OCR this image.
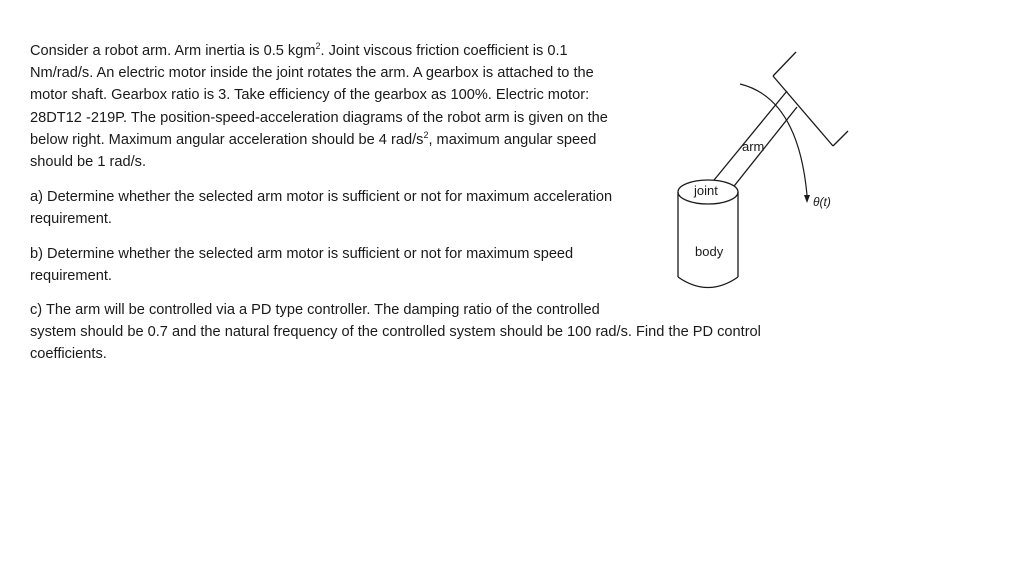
Consider a robot arm. Arm inertia is 0.5 kgm$^2$. Joint viscous friction coefficient is 0.1
Nm/rad/s. An electric motor inside the joint rotates the arm. A gearbox is attached to the
motor shaft. Gearbox ratio is 3. Take efficiency of the gearbox as 100%. Electric motor:
28DT12 -219P. The position-speed-acceleration diagrams of the robot arm is given on the
below right. Maximum angular acceleration should be 4 rad/$s^2$, maximum angular speed
should be 1 rad/s.
a) Determine whether the selected arm motor is sufficient or not for maximum acceleration
requirement.
b) Determine whether the selected arm motor is sufficient or not for maximum speed
requirement.
c) The arm will be controlled via a PD type controller. The damping ratio of the controlled
system should be 0.7 and the natural frequency of the controlled system should be 100 rad/s. Find the PD control
coefficients.
arm
joint
body
θ(t)
